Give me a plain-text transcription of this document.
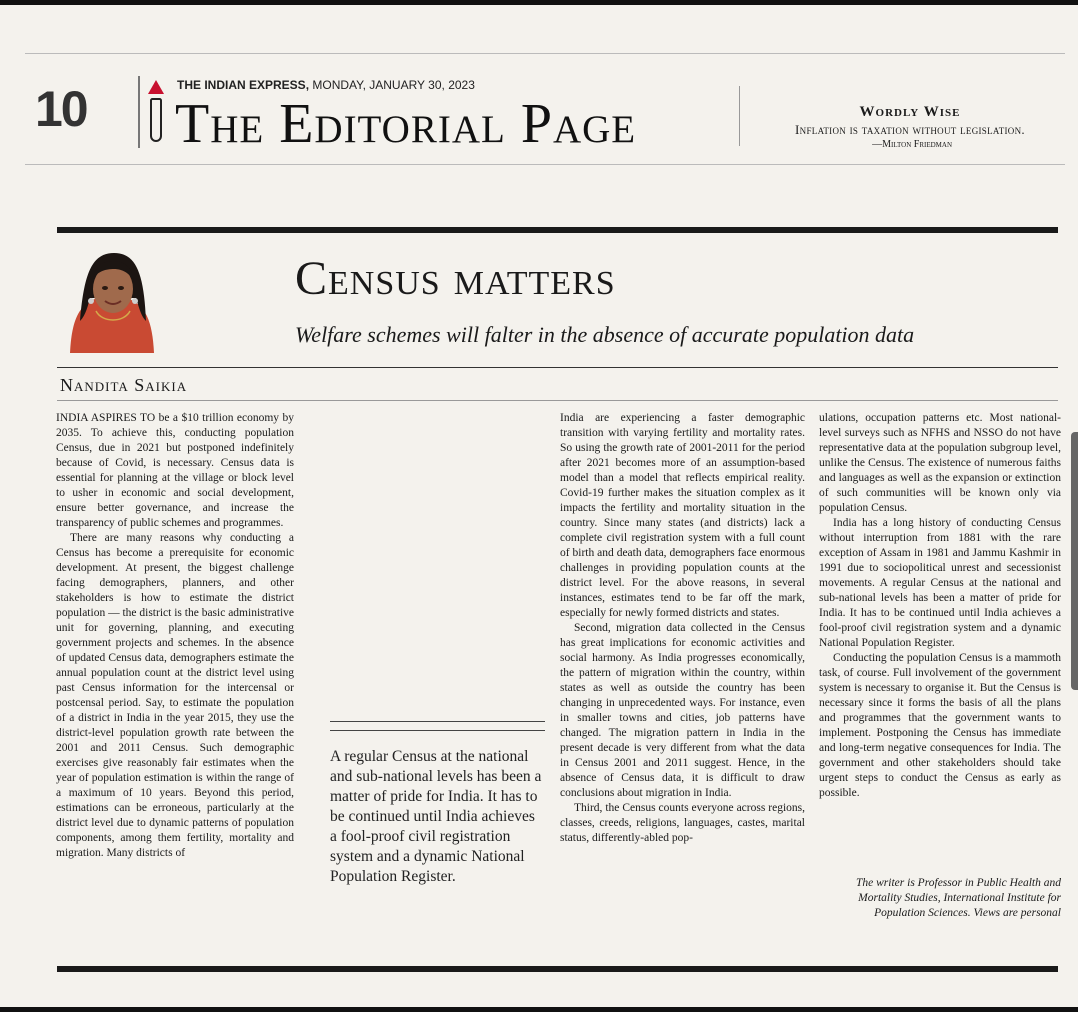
10	THE INDIAN EXPRESS, MONDAY, JANUARY 30, 2023
The Editorial Page	Wordly Wise
Inflation is taxation without legislation.
—Milton Friedman
Census matters
Welfare schemes will falter in the absence of accurate population data
Nandita Saikia

INDIA ASPIRES TO be a $10 trillion economy by 2035. To achieve this, conducting population Census, due in 2021 but postponed indefinitely because of Covid, is necessary. Census data is essential for planning at the village or block level to usher in economic and social development, ensure better governance, and increase the transparency of public schemes and programmes.

There are many reasons why conducting a Census has become a prerequisite for economic development. At present, the biggest challenge facing demographers, planners, and other stakeholders is how to estimate the district population — the district is the basic administrative unit for governing, planning, and executing government projects and schemes. In the absence of updated Census data, demographers estimate the annual population count at the district level using past Census information for the intercensal or postcensal period. Say, to estimate the population of a district in India in the year 2015, they use the district-level population growth rate between the 2001 and 2011 Census. Such demographic exercises give reasonably fair estimates when the year of population estimation is within the range of a maximum of 10 years. Beyond this period, estimations can be erroneous, particularly at the district level due to dynamic patterns of population components, among them fertility, mortality and migration. Many districts of

A regular Census at the national and sub-national levels has been a matter of pride for India. It has to be continued until India achieves a fool-proof civil registration system and a dynamic National Population Register.

India are experiencing a faster demographic transition with varying fertility and mortality rates. So using the growth rate of 2001-2011 for the period after 2021 becomes more of an assumption-based model than a model that reflects empirical reality. Covid-19 further makes the situation complex as it impacts the fertility and mortality situation in the country. Since many states (and districts) lack a complete civil registration system with a full count of birth and death data, demographers face enormous challenges in providing population counts at the district level. For the above reasons, in several instances, estimates tend to be far off the mark, especially for newly formed districts and states.

Second, migration data collected in the Census has great implications for economic activities and social harmony. As India progresses economically, the pattern of migration within the country, within states as well as outside the country has been changing in unprecedented ways. For instance, even in smaller towns and cities, job patterns have changed. The migration pattern in India in the present decade is very different from what the data in Census 2001 and 2011 suggest. Hence, in the absence of Census data, it is difficult to draw conclusions about migration in India.

Third, the Census counts everyone across regions, classes, creeds, religions, languages, castes, marital status, differently-abled pop-

ulations, occupation patterns etc. Most national-level surveys such as NFHS and NSSO do not have representative data at the population subgroup level, unlike the Census. The existence of numerous faiths and languages as well as the expansion or extinction of such communities will be known only via population Census.

India has a long history of conducting Census without interruption from 1881 with the rare exception of Assam in 1981 and Jammu Kashmir in 1991 due to sociopolitical unrest and secessionist movements. A regular Census at the national and sub-national levels has been a matter of pride for India. It has to be continued until India achieves a fool-proof civil registration system and a dynamic National Population Register.

Conducting the population Census is a mammoth task, of course. Full involvement of the government system is necessary to organise it. But the Census is necessary since it forms the basis of all the plans and programmes that the government wants to implement. Postponing the Census has immediate and long-term negative consequences for India. The government and other stakeholders should take urgent steps to conduct the Census as early as possible.

The writer is Professor in Public Health and Mortality Studies, International Institute for Population Sciences. Views are personal
